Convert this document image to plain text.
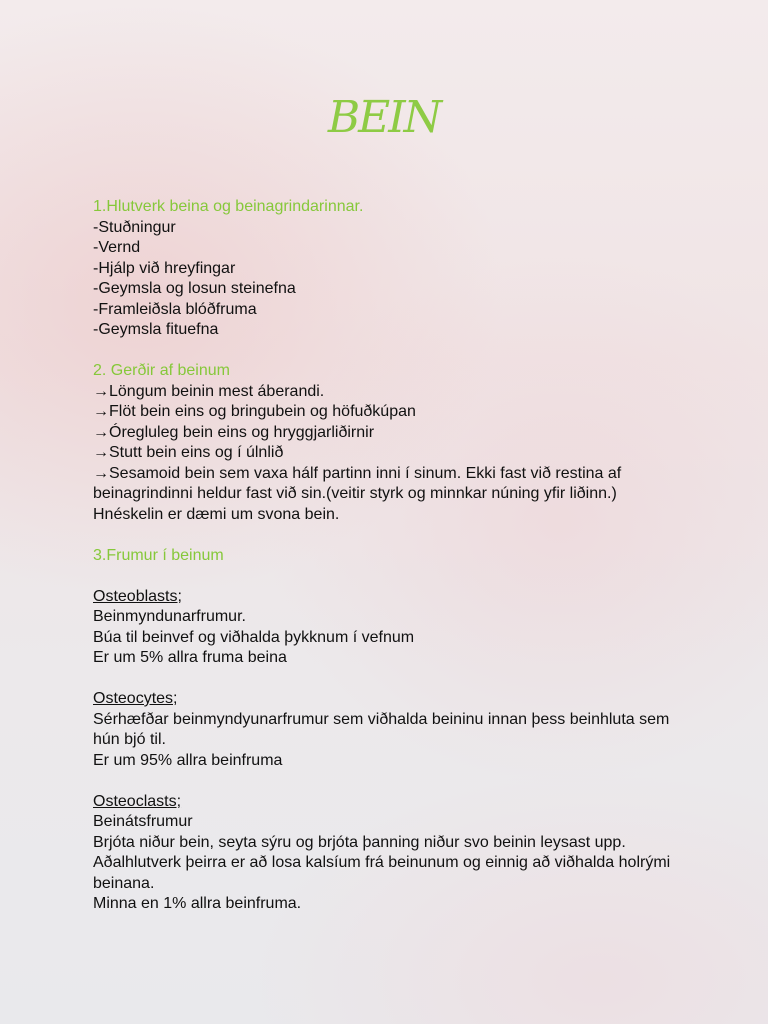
BEIN
1.Hlutverk beina og beinagrindarinnar.
-Stuðningur
-Vernd
-Hjálp við hreyfingar
-Geymsla og losun steinefna
-Framleiðsla blóðfruma
-Geymsla fituefna
2. Gerðir af beinum
→Löngum beinin mest áberandi.
→Flöt bein eins og bringubein og höfuðkúpan
→Óregluleg bein eins og hryggjarliðirnir
→Stutt bein eins og í úlnlið
→Sesamoid bein sem vaxa hálf partinn inni í sinum. Ekki fast við restina af beinagrindinni heldur fast við sin.(veitir styrk og minnkar núning yfir liðinn.) Hnéskelin er dæmi um svona bein.
3.Frumur í beinum
Osteoblasts;
Beinmyndunarfrumur.
Búa til beinvef og viðhalda þykknum í vefnum
Er um 5% allra fruma beina
Osteocytes;
Sérhæfðar beinmyndyunarfrumur sem viðhalda beininu innan þess beinhluta sem hún bjó til.
Er um 95% allra beinfruma
Osteoclasts;
Beinátsfrumur
Brjóta niður bein, seyta sýru og brjóta þanning niður svo beinin leysast upp.
Aðalhlutverk þeirra er að losa kalsíum frá beinunum og einnig að viðhalda holrými beinana.
Minna en 1% allra beinfruma.
